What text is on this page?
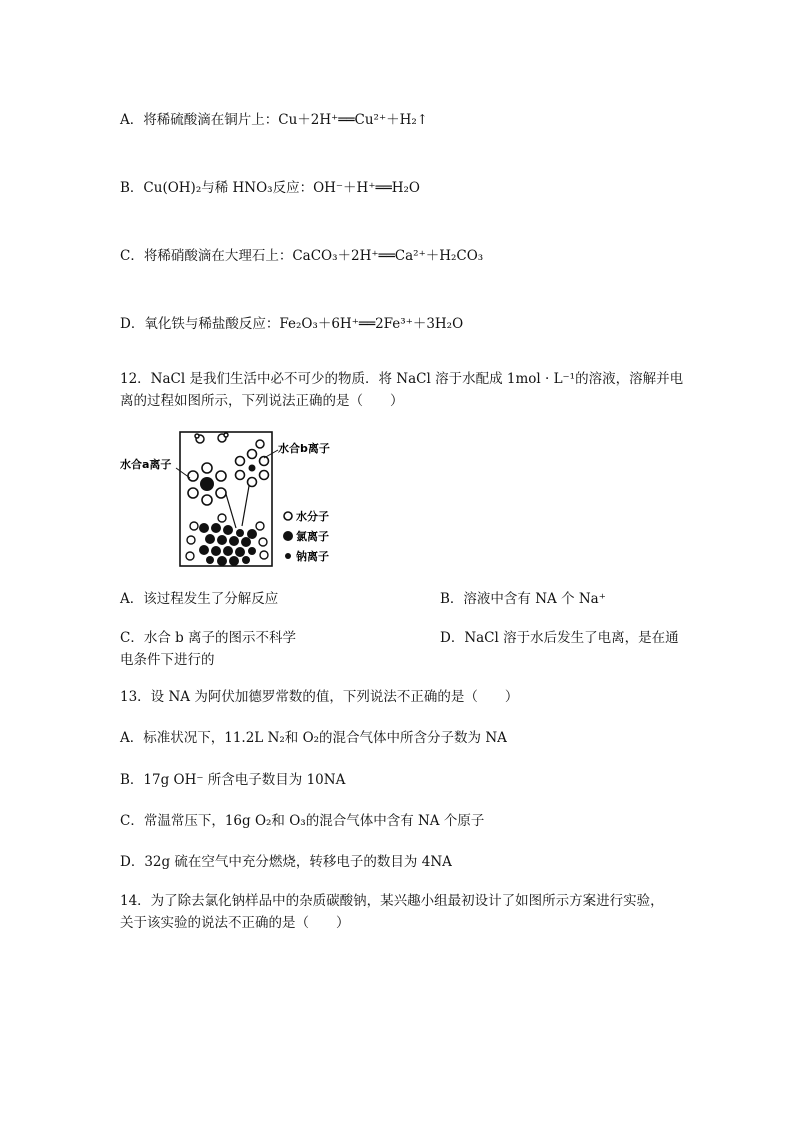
A．将稀硫酸滴在铜片上：Cu＋2H⁺══Cu²⁺＋H₂↑
B．Cu(OH)₂与稀 HNO₃反应：OH⁻＋H⁺══H₂O
C．将稀硝酸滴在大理石上：CaCO₃＋2H⁺══Ca²⁺＋H₂CO₃
D．氧化铁与稀盐酸反应：Fe₂O₃＋6H⁺══2Fe³⁺＋3H₂O
12．NaCl 是我们生活中必不可少的物质．将 NaCl 溶于水配成 1mol · L⁻¹的溶液，溶解并电
离的过程如图所示，下列说法正确的是（　　）
水合a离子
水合b离子
水分子
氯离子
钠离子
A．该过程发生了分解反应	B．溶液中含有 NA 个 Na⁺
C．水合 b 离子的图示不科学	D．NaCl 溶于水后发生了电离，是在通
电条件下进行的
13．设 NA 为阿伏加德罗常数的值，下列说法不正确的是（　　）
A．标准状况下，11.2L N₂和 O₂的混合气体中所含分子数为 NA
B．17g OH⁻ 所含电子数目为 10NA
C．常温常压下，16g O₂和 O₃的混合气体中含有 NA 个原子
D．32g 硫在空气中充分燃烧，转移电子的数目为 4NA
14．为了除去氯化钠样品中的杂质碳酸钠，某兴趣小组最初设计了如图所示方案进行实验，
关于该实验的说法不正确的是（　　）
